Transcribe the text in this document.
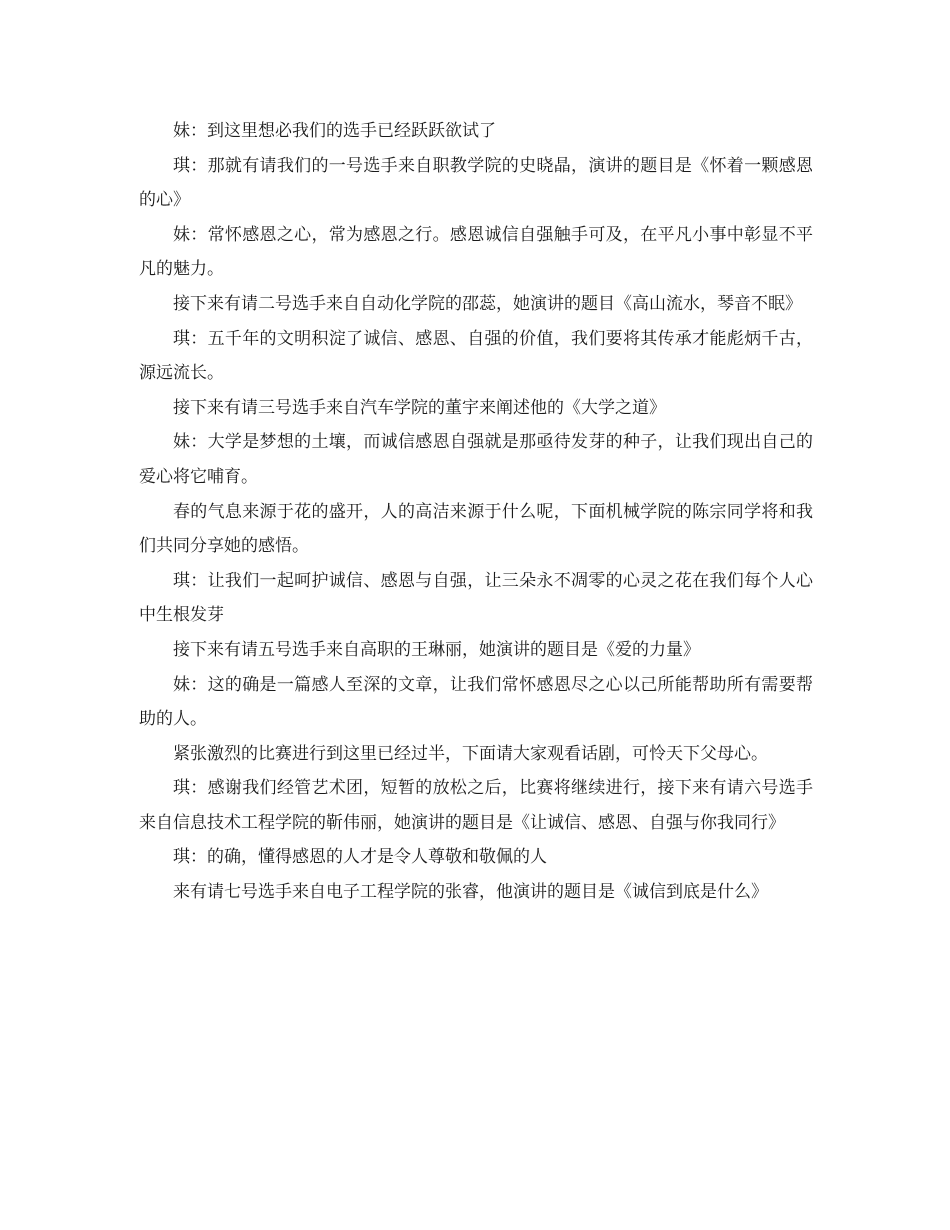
妹：到这里想必我们的选手已经跃跃欲试了

琪：那就有请我们的一号选手来自职教学院的史晓晶，演讲的题目是《怀着一颗感恩的心》

妹：常怀感恩之心，常为感恩之行。感恩诚信自强触手可及，在平凡小事中彰显不平凡的魅力。

接下来有请二号选手来自自动化学院的邵蕊，她演讲的题目《高山流水，琴音不眠》

琪：五千年的文明积淀了诚信、感恩、自强的价值，我们要将其传承才能彪炳千古，源远流长。

接下来有请三号选手来自汽车学院的董宇来阐述他的《大学之道》

妹：大学是梦想的土壤，而诚信感恩自强就是那亟待发芽的种子，让我们现出自己的爱心将它哺育。

春的气息来源于花的盛开，人的高洁来源于什么呢，下面机械学院的陈宗同学将和我们共同分享她的感悟。

琪：让我们一起呵护诚信、感恩与自强，让三朵永不凋零的心灵之花在我们每个人心中生根发芽

接下来有请五号选手来自高职的王琳丽，她演讲的题目是《爱的力量》

妹：这的确是一篇感人至深的文章，让我们常怀感恩尽之心以己所能帮助所有需要帮助的人。

紧张激烈的比赛进行到这里已经过半，下面请大家观看话剧，可怜天下父母心。

琪：感谢我们经管艺术团，短暂的放松之后，比赛将继续进行，接下来有请六号选手来自信息技术工程学院的靳伟丽，她演讲的题目是《让诚信、感恩、自强与你我同行》

琪：的确，懂得感恩的人才是令人尊敬和敬佩的人

来有请七号选手来自电子工程学院的张睿，他演讲的题目是《诚信到底是什么》
